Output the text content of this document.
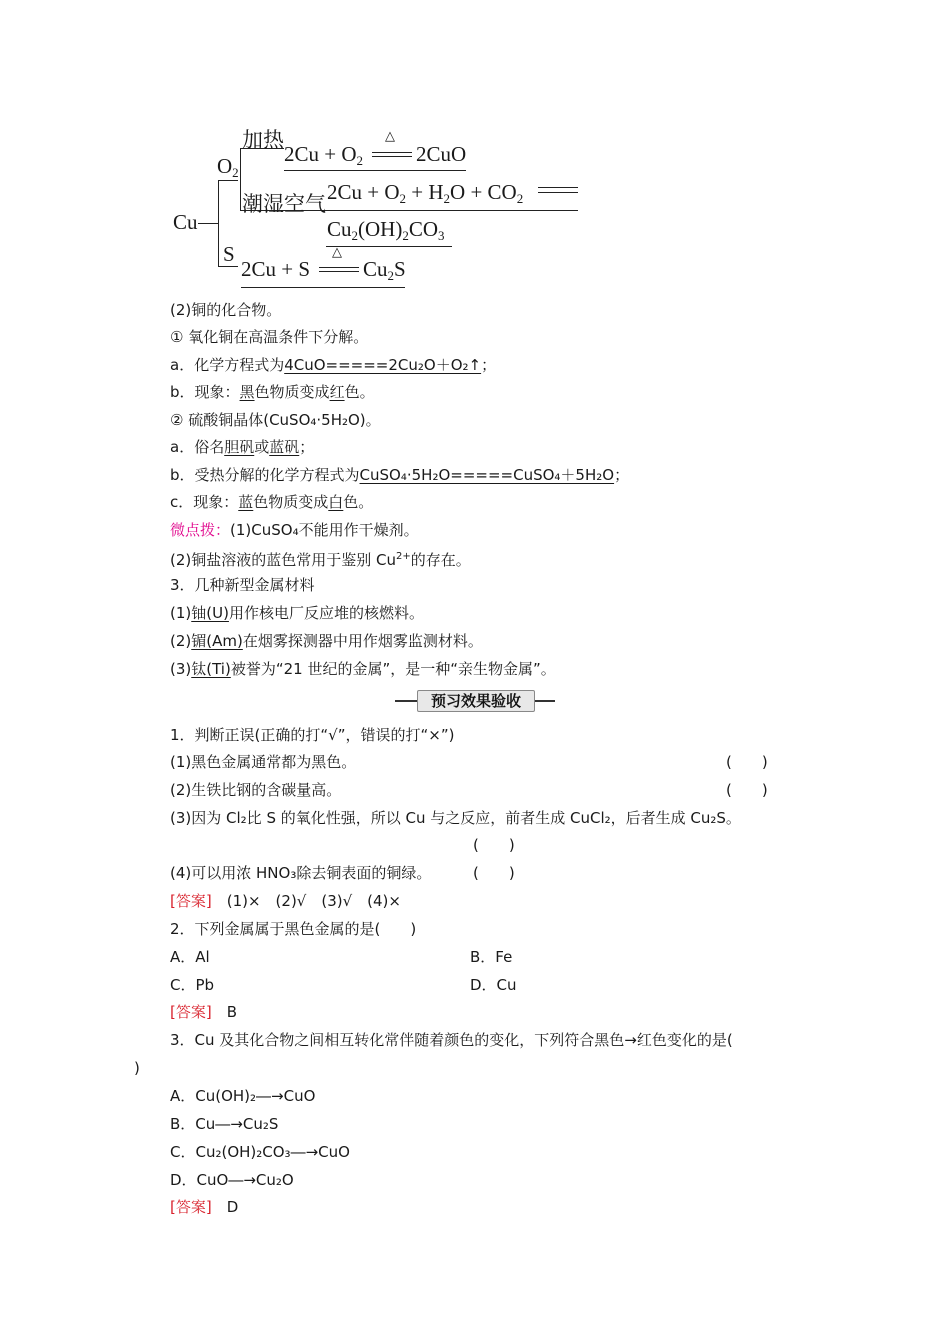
Cu
$O_2$
加热
$2Cu + O_2$
△
2CuO
潮湿空气 $2Cu + O_2 + H_2O + CO_2$
$Cu_2(OH)_2CO_3$
S	△
2Cu + S	$Cu_2S$
(2)铜的化合物。
① 氧化铜在高温条件下分解。
a．化学方程式为4CuO=====2Cu₂O＋O₂↑；
b．现象：黑色物质变成红色。
② 硫酸铜晶体(CuSO₄·5H₂O)。
a．俗名胆矾或蓝矾；
b．受热分解的化学方程式为CuSO₄·5H₂O=====CuSO₄＋5H₂O；
c．现象：蓝色物质变成白色。
微点拨：(1)CuSO₄不能用作干燥剂。
(2)铜盐溶液的蓝色常用于鉴别 $Cu^{2+}$的存在。
3．几种新型金属材料
(1)铀(U)用作核电厂反应堆的核燃料。
(2)镅(Am)在烟雾探测器中用作烟雾监测材料。
(3)钛(Ti)被誉为“21 世纪的金属”，是一种“亲生物金属”。
预习效果验收
1．判断正误(正确的打“√”，错误的打“×”)
(1)黑色金属通常都为黑色。	(　　)
(2)生铁比钢的含碳量高。	(　　)
(3)因为 Cl₂比 S 的氧化性强，所以 Cu 与之反应，前者生成 CuCl₂，后者生成 Cu₂S。
(　　)
(4)可以用浓 HNO₃除去铜表面的铜绿。	(　　)
[答案]　 (1)×　(2)√　(3)√　(4)×
2．下列金属属于黑色金属的是(　　)
A．Al	B．Fe
C．Pb	D．Cu
[答案]　 B
3．Cu 及其化合物之间相互转化常伴随着颜色的变化，下列符合黑色→红色变化的是(
)
A．Cu(OH)₂―→CuO
B．Cu―→Cu₂S
C．Cu₂(OH)₂CO₃―→CuO
D．CuO―→Cu₂O
[答案]　 D
